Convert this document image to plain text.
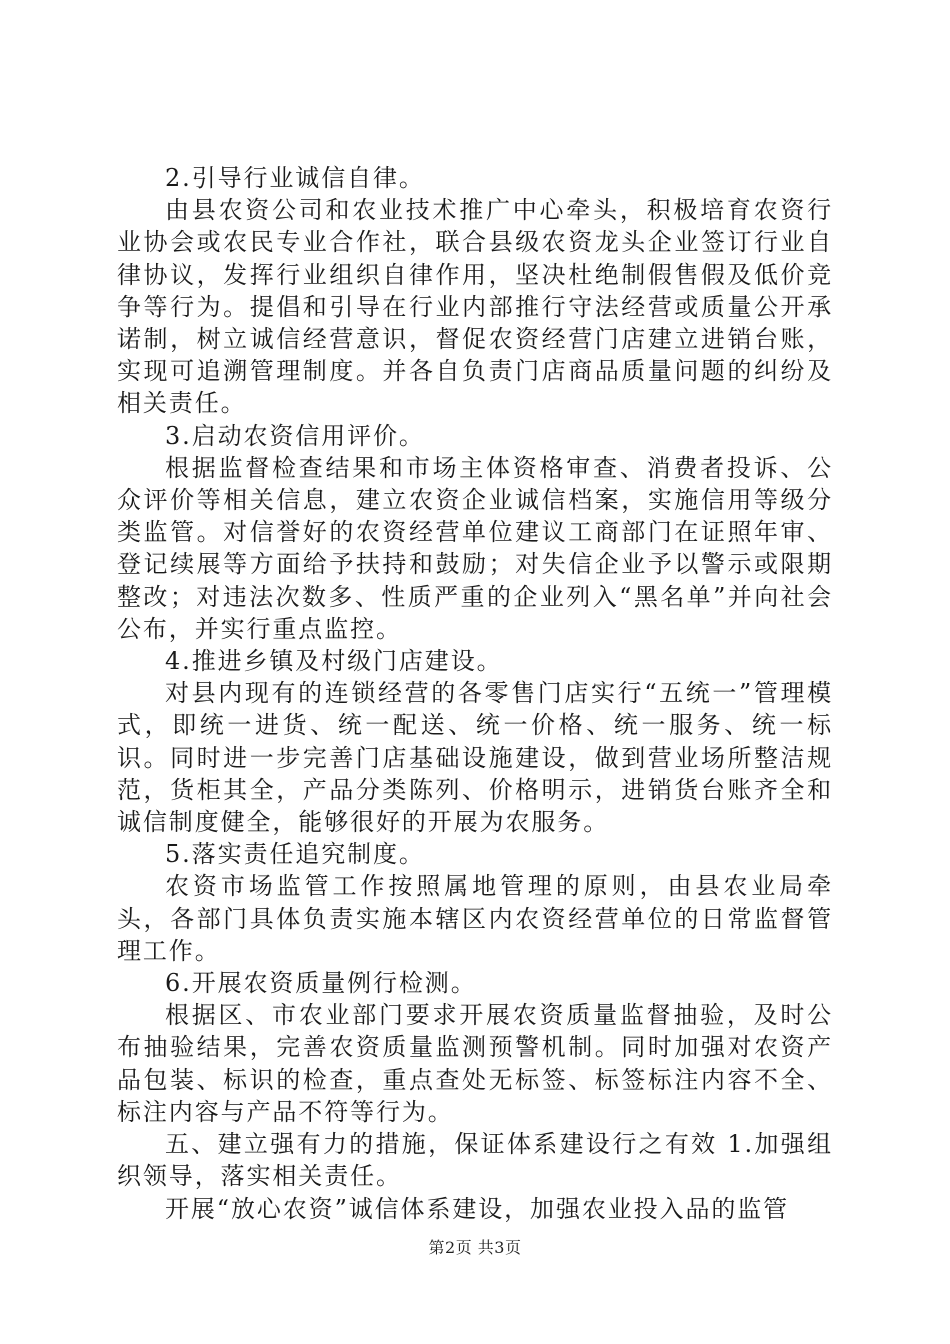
2.引导行业诚信自律。

由县农资公司和农业技术推广中心牵头，积极培育农资行业协会或农民专业合作社，联合县级农资龙头企业签订行业自律协议，发挥行业组织自律作用，坚决杜绝制假售假及低价竞争等行为。提倡和引导在行业内部推行守法经营或质量公开承诺制，树立诚信经营意识，督促农资经营门店建立进销台账，实现可追溯管理制度。并各自负责门店商品质量问题的纠纷及相关责任。

3.启动农资信用评价。

根据监督检查结果和市场主体资格审查、消费者投诉、公众评价等相关信息，建立农资企业诚信档案，实施信用等级分类监管。对信誉好的农资经营单位建议工商部门在证照年审、登记续展等方面给予扶持和鼓励；对失信企业予以警示或限期整改；对违法次数多、性质严重的企业列入“黑名单”并向社会公布，并实行重点监控。

4.推进乡镇及村级门店建设。

对县内现有的连锁经营的各零售门店实行“五统一”管理模式，即统一进货、统一配送、统一价格、统一服务、统一标识。同时进一步完善门店基础设施建设，做到营业场所整洁规范，货柜其全，产品分类陈列、价格明示，进销货台账齐全和诚信制度健全，能够很好的开展为农服务。

5.落实责任追究制度。

农资市场监管工作按照属地管理的原则，由县农业局牵头，各部门具体负责实施本辖区内农资经营单位的日常监督管理工作。

6.开展农资质量例行检测。

根据区、市农业部门要求开展农资质量监督抽验，及时公布抽验结果，完善农资质量监测预警机制。同时加强对农资产品包装、标识的检查，重点查处无标签、标签标注内容不全、标注内容与产品不符等行为。

五、建立强有力的措施，保证体系建设行之有效 1.加强组织领导，落实相关责任。

开展“放心农资”诚信体系建设，加强农业投入品的监管

第2页 共3页
